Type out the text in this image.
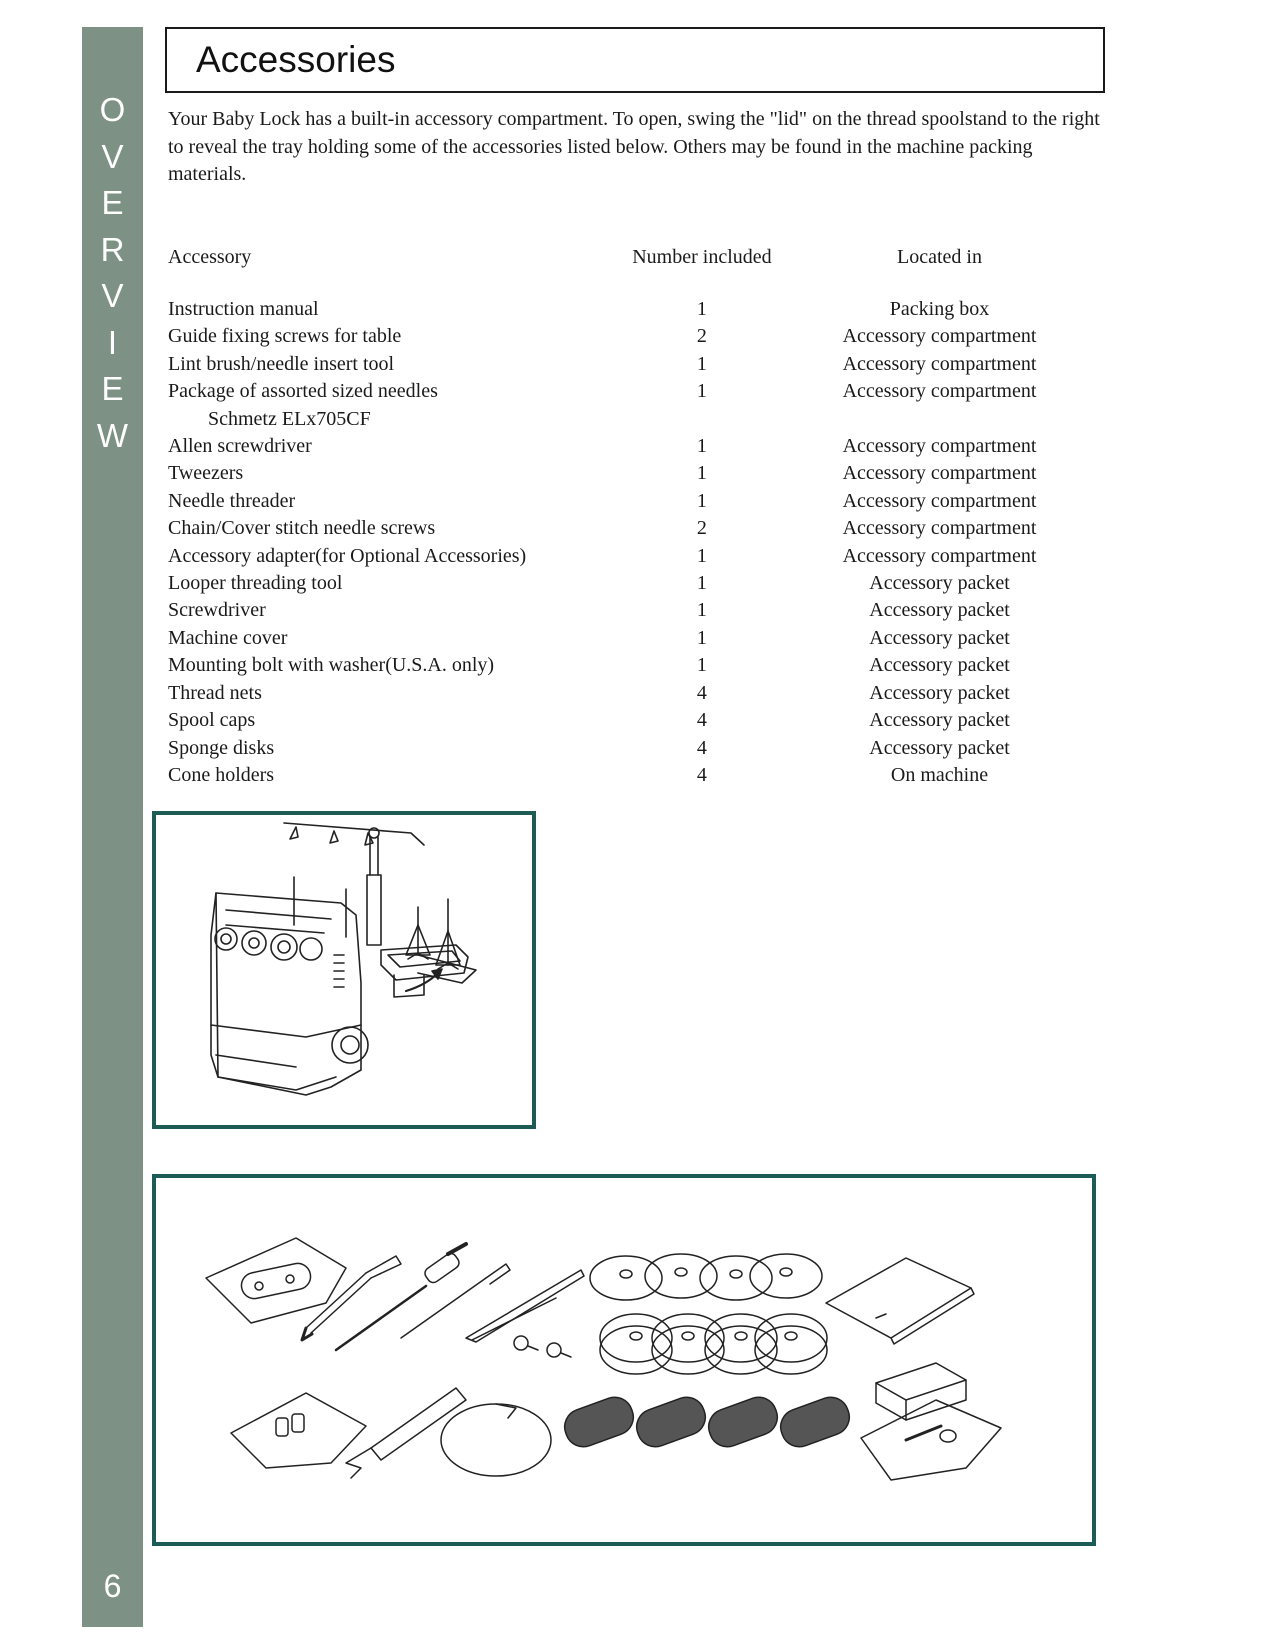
O
V
E
R
V
I
E
W
6
Accessories

Your Baby Lock has a built-in accessory compartment. To open, swing the "lid" on the thread spoolstand to the right to reveal the tray holding some of the accessories listed below. Others may be found in the machine packing materials.

Accessory	Number included	Located in
Instruction manual	1	Packing box
Guide fixing screws for table	2	Accessory compartment
Lint brush/needle insert tool	1	Accessory compartment
Package of assorted sized needles	1	Accessory compartment
Schmetz ELx705CF		
Allen screwdriver	1	Accessory compartment
Tweezers	1	Accessory compartment
Needle threader	1	Accessory compartment
Chain/Cover stitch needle screws	2	Accessory compartment
Accessory adapter(for Optional Accessories)	1	Accessory compartment
Looper threading tool	1	Accessory packet
Screwdriver	1	Accessory packet
Machine cover	1	Accessory packet
Mounting bolt with washer(U.S.A. only)	1	Accessory packet
Thread nets	4	Accessory packet
Spool caps	4	Accessory packet
Sponge disks	4	Accessory packet
Cone holders	4	On machine
